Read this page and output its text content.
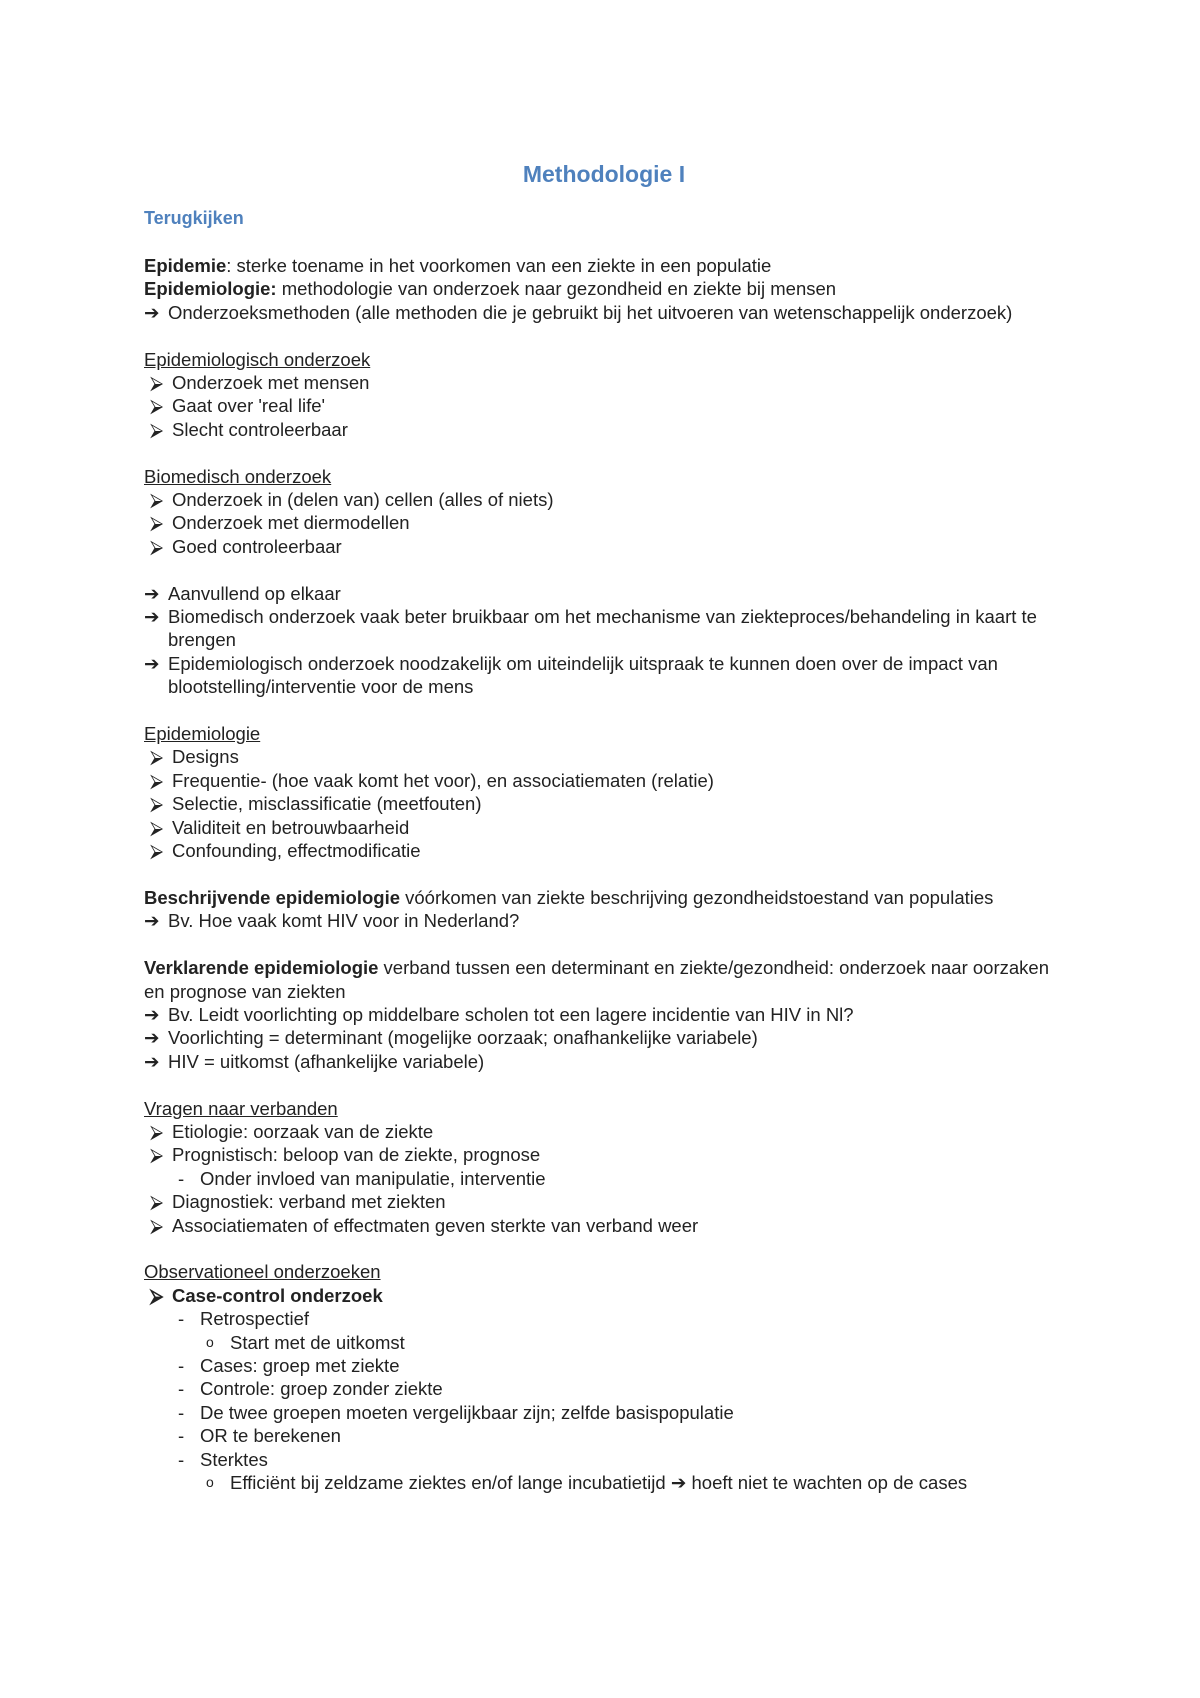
Methodologie I
Terugkijken

Epidemie: sterke toename in het voorkomen van een ziekte in een populatie

Epidemiologie: methodologie van onderzoek naar gezondheid en ziekte bij mensen

➔ Onderzoeksmethoden (alle methoden die je gebruikt bij het uitvoeren van wetenschappelijk onderzoek)

Epidemiologisch onderzoek

⮚ Onderzoek met mensen
⮚ Gaat over 'real life'
⮚ Slecht controleerbaar

Biomedisch onderzoek

⮚ Onderzoek in (delen van) cellen (alles of niets)
⮚ Onderzoek met diermodellen
⮚ Goed controleerbaar
➔ Aanvullend op elkaar
➔ Biomedisch onderzoek vaak beter bruikbaar om het mechanisme van ziekteproces/behandeling in kaart te brengen
➔ Epidemiologisch onderzoek noodzakelijk om uiteindelijk uitspraak te kunnen doen over de impact van blootstelling/interventie voor de mens

Epidemiologie

⮚ Designs
⮚ Frequentie- (hoe vaak komt het voor), en associatiematen (relatie)
⮚ Selectie, misclassificatie (meetfouten)
⮚ Validiteit en betrouwbaarheid
⮚ Confounding, effectmodificatie

Beschrijvende epidemiologie vóórkomen van ziekte beschrijving gezondheidstoestand van populaties

➔ Bv. Hoe vaak komt HIV voor in Nederland?

Verklarende epidemiologie verband tussen een determinant en ziekte/gezondheid: onderzoek naar oorzaken en prognose van ziekten

➔ Bv. Leidt voorlichting op middelbare scholen tot een lagere incidentie van HIV in Nl?
➔ Voorlichting = determinant (mogelijke oorzaak; onafhankelijke variabele)
➔ HIV = uitkomst (afhankelijke variabele)

Vragen naar verbanden

⮚ Etiologie: oorzaak van de ziekte
⮚ Prognistisch: beloop van de ziekte, prognose
- Onder invloed van manipulatie, interventie
⮚ Diagnostiek: verband met ziekten
⮚ Associatiematen of effectmaten geven sterkte van verband weer

Observationeel onderzoeken

⮚ Case-control onderzoek
- Retrospectief
o Start met de uitkomst
- Cases: groep met ziekte
- Controle: groep zonder ziekte
- De twee groepen moeten vergelijkbaar zijn; zelfde basispopulatie
- OR te berekenen
- Sterktes
o Efficiënt bij zeldzame ziektes en/of lange incubatietijd ➔ hoeft niet te wachten op de cases
